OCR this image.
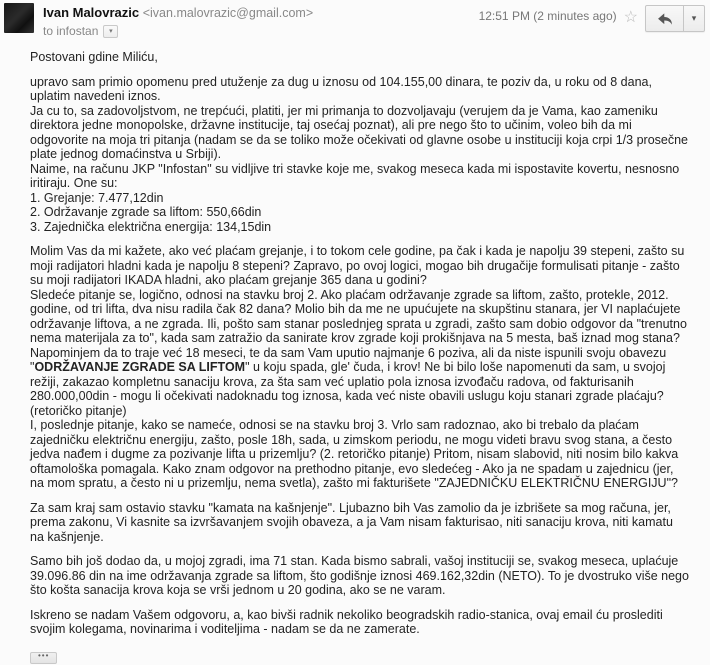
Ivan Malovrazic <ivan.malovrazic@gmail.com>
to infostan ▾
12:51 PM (2 minutes ago) ☆	▾
Postovani gdine Miliću,
upravo sam primio opomenu pred utuženje za dug u iznosu od 104.155,00 dinara, te poziv da, u roku od 8 dana, uplatim navedeni iznos.
Ja cu to, sa zadovoljstvom, ne trepćući, platiti, jer mi primanja to dozvoljavaju (verujem da je Vama, kao zameniku direktora jedne monopolske, državne institucije, taj osećaj poznat), ali pre nego što to učinim, voleo bih da mi odgovorite na moja tri pitanja (nadam se da se toliko može očekivati od glavne osobe u instituciji koja crpi 1/3 prosečne plate jednog domaćinstva u Srbiji).
Naime, na računu JKP "Infostan" su vidljive tri stavke koje me, svakog meseca kada mi ispostavite kovertu, nesnosno iritiraju. One su:
1. Grejanje: 7.477,12din
2. Održavanje zgrade sa liftom: 550,66din
3. Zajednička električna energija: 134,15din
Molim Vas da mi kažete, ako već plaćam grejanje, i to tokom cele godine, pa čak i kada je napolju 39 stepeni, zašto su moji radijatori hladni kada je napolju 8 stepeni? Zapravo, po ovoj logici, mogao bih drugačije formulisati pitanje - zašto su moji radijatori IKADA hladni, ako plaćam grejanje 365 dana u godini?
Sledeće pitanje se, logično, odnosi na stavku broj 2. Ako plaćam održavanje zgrade sa liftom, zašto, protekle, 2012. godine, od tri lifta, dva nisu radila čak 82 dana? Molio bih da me ne upućujete na skupštinu stanara, jer VI naplaćujete održavanje liftova, a ne zgrada. Ili, pošto sam stanar poslednjeg sprata u zgradi, zašto sam dobio odgovor da "trenutno nema materijala za to", kada sam zatražio da sanirate krov zgrade koji prokišnjava na 5 mesta, baš iznad mog stana? Napominjem da to traje već 18 meseci, te da sam Vam uputio najmanje 6 poziva, ali da niste ispunili svoju obavezu "ODRŽAVANJE ZGRADE SA LIFTOM" u koju spada, gle' čuda, i krov! Ne bi bilo loše napomenuti da sam, u svojoj režiji, zakazao kompletnu sanaciju krova, za šta sam već uplatio pola iznosa izvođaču radova, od fakturisanih 280.000,00din - mogu li očekivati nadoknadu tog iznosa, kada već niste obavili uslugu koju stanari zgrade plaćaju? (retoričko pitanje)
I, poslednje pitanje, kako se nameće, odnosi se na stavku broj 3. Vrlo sam radoznao, ako bi trebalo da plaćam zajedničku električnu energiju, zašto, posle 18h, sada, u zimskom periodu, ne mogu videti bravu svog stana, a često jedva nađem i dugme za pozivanje lifta u prizemlju? (2. retoričko pitanje) Pritom, nisam slabovid, niti nosim bilo kakva oftamološka pomagala. Kako znam odgovor na prethodno pitanje, evo sledećeg - Ako ja ne spadam u zajednicu (jer, na mom spratu, a često ni u prizemlju, nema svetla), zašto mi fakturišete "ZAJEDNIČKU ELEKTRIČNU ENERGIJU"?
Za sam kraj sam ostavio stavku "kamata na kašnjenje". Ljubazno bih Vas zamolio da je izbrišete sa mog računa, jer, prema zakonu, Vi kasnite sa izvršavanjem svojih obaveza, a ja Vam nisam fakturisao, niti sanaciju krova, niti kamatu na kašnjenje.
Samo bih još dodao da, u mojoj zgradi, ima 71 stan. Kada bismo sabrali, vašoj instituciji se, svakog meseca, uplaćuje 39.096.86 din na ime održavanja zgrade sa liftom, što godišnje iznosi 469.162,32din (NETO). To je dvostruko više nego što košta sanacija krova koja se vrši jednom u 20 godina, ako se ne varam.
Iskreno se nadam Vašem odgovoru, a, kao bivši radnik nekoliko beogradskih radio-stanica, ovaj email ću proslediti svojim kolegama, novinarima i voditeljima - nadam se da ne zamerate.
•••
